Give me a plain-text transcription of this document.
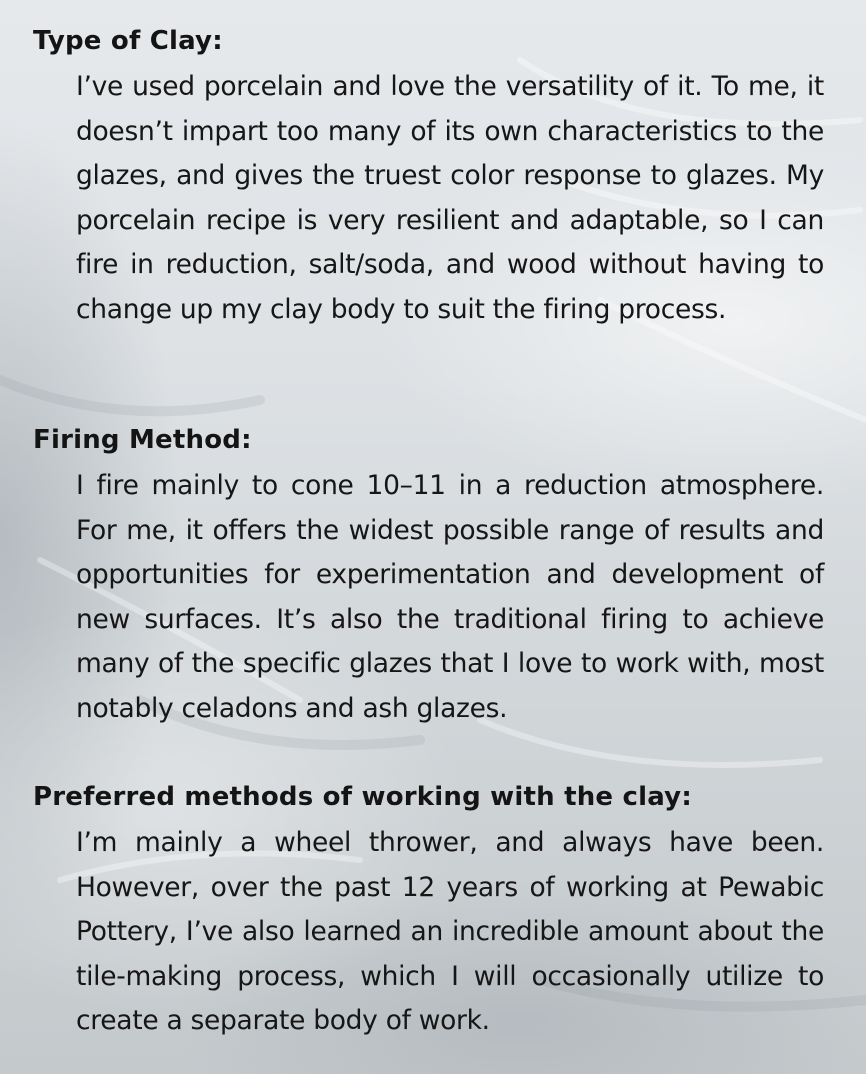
Type of Clay:

I’ve used porcelain and love the versatility of it. To me, it doesn’t impart too many of its own characteristics to the glazes, and gives the truest color response to glazes. My porcelain recipe is very resilient and adaptable, so I can fire in reduction, salt/soda, and wood without having to change up my clay body to suit the firing process.

Firing Method:

I fire mainly to cone 10–11 in a reduction atmosphere. For me, it offers the widest possible range of results and opportunities for experimentation and development of new surfaces. It’s also the traditional firing to achieve many of the specific glazes that I love to work with, most notably celadons and ash glazes.

Preferred methods of working with the clay:

I’m mainly a wheel thrower, and always have been. However, over the past 12 years of working at Pewabic Pottery, I’ve also learned an incredible amount about the tile-making process, which I will occasionally utilize to create a separate body of work.
